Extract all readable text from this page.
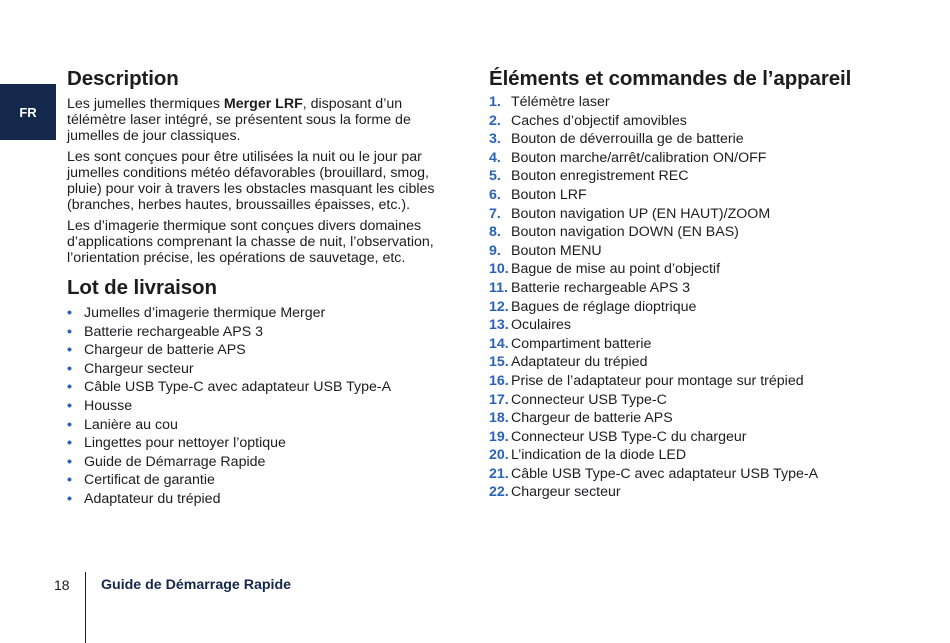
FR
Description

Les jumelles thermiques Merger LRF, disposant d’un télémètre laser intégré, se présentent sous la forme de jumelles de jour classiques.

Les sont conçues pour être utilisées la nuit ou le jour par jumelles conditions météo défavorables (brouillard, smog, pluie) pour voir à travers les obstacles masquant les cibles (branches, herbes hautes, broussailles épaisses, etc.).

Les d’imagerie thermique sont conçues divers domaines d’applications comprenant la chasse de nuit, l’observation, l’orientation précise, les opérations de sauvetage, etc.

Lot de livraison
• Jumelles d’imagerie thermique Merger
• Batterie rechargeable APS 3
• Chargeur de batterie APS
• Chargeur secteur
• Câble USB Type-C avec adaptateur USB Type-A
• Housse
• Lanière au cou
• Lingettes pour nettoyer l’optique
• Guide de Démarrage Rapide
• Certificat de garantie
• Adaptateur du trépied
Éléments et commandes de l’appareil
1. Télémètre laser
2. Caches d’objectif amovibles
3. Bouton de déverrouilla ge de batterie
4. Bouton marche/arrêt/calibration ON/OFF
5. Bouton enregistrement REC
6. Bouton LRF
7. Bouton navigation UP (EN HAUT)/ZOOM
8. Bouton navigation DOWN (EN BAS)
9. Bouton MENU
10. Bague de mise au point d’objectif
11. Batterie rechargeable APS 3
12. Bagues de réglage dioptrique
13. Oculaires
14. Compartiment batterie
15. Adaptateur du trépied
16. Prise de l’adaptateur pour montage sur trépied
17. Connecteur USB Type-C
18. Chargeur de batterie APS
19. Connecteur USB Type-C du chargeur
20. L’indication de la diode LED
21. Câble USB Type-C avec adaptateur USB Type-A
22. Chargeur secteur
18 Guide de Démarrage Rapide
